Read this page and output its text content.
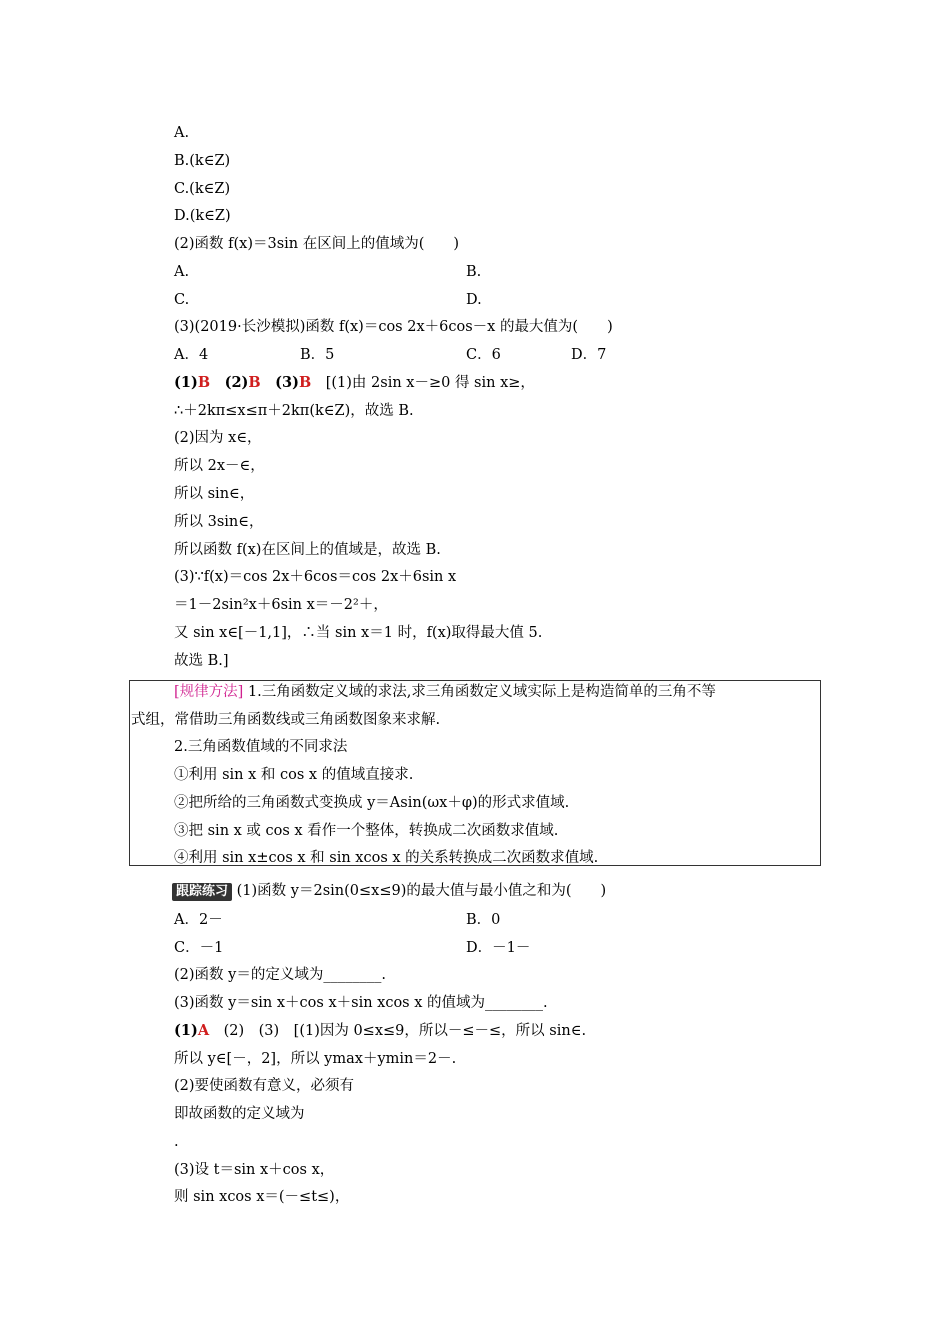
A.
B.(k∈Z)
C.(k∈Z)
D.(k∈Z)
(2)函数 f(x)＝3sin 在区间上的值域为(　　)
A.	B.
C.	D.
(3)(2019·长沙模拟)函数 f(x)＝cos 2x＋6cos－x 的最大值为(　　)
A．4	B．5	C．6	D．7
(1)B　(2)B　(3)B　[(1)由 2sin x－≥0 得 sin x≥，
∴＋2kπ≤x≤π＋2kπ(k∈Z)，故选 B.
(2)因为 x∈，
所以 2x－∈，
所以 sin∈，
所以 3sin∈，
所以函数 f(x)在区间上的值域是，故选 B.
(3)∵f(x)＝cos 2x＋6cos＝cos 2x＋6sin x
＝1－2sin²x＋6sin x＝－2²＋，
又 sin x∈[－1,1]，∴当 sin x＝1 时，f(x)取得最大值 5.
故选 B.]
[规律方法] 1.三角函数定义域的求法,求三角函数定义域实际上是构造简单的三角不等
式组，常借助三角函数线或三角函数图象来求解.
2.三角函数值域的不同求法
①利用 sin x 和 cos x 的值域直接求.
②把所给的三角函数式变换成 y＝Asin(ωx＋φ)的形式求值域.
③把 sin x 或 cos x 看作一个整体，转换成二次函数求值域.
④利用 sin x±cos x 和 sin xcos x 的关系转换成二次函数求值域.
跟踪练习 (1)函数 y＝2sin(0≤x≤9)的最大值与最小值之和为(　　)
A．2－	B．0
C．－1	D．－1－
(2)函数 y＝的定义域为________.
(3)函数 y＝sin x＋cos x＋sin xcos x 的值域为________.
(1)A　(2)　(3)　[(1)因为 0≤x≤9，所以－≤－≤，所以 sin∈.
所以 y∈[－，2]，所以 ymax＋ymin＝2－.
(2)要使函数有意义，必须有
即故函数的定义域为
.
(3)设 t＝sin x＋cos x，
则 sin xcos x＝(－≤t≤)，
